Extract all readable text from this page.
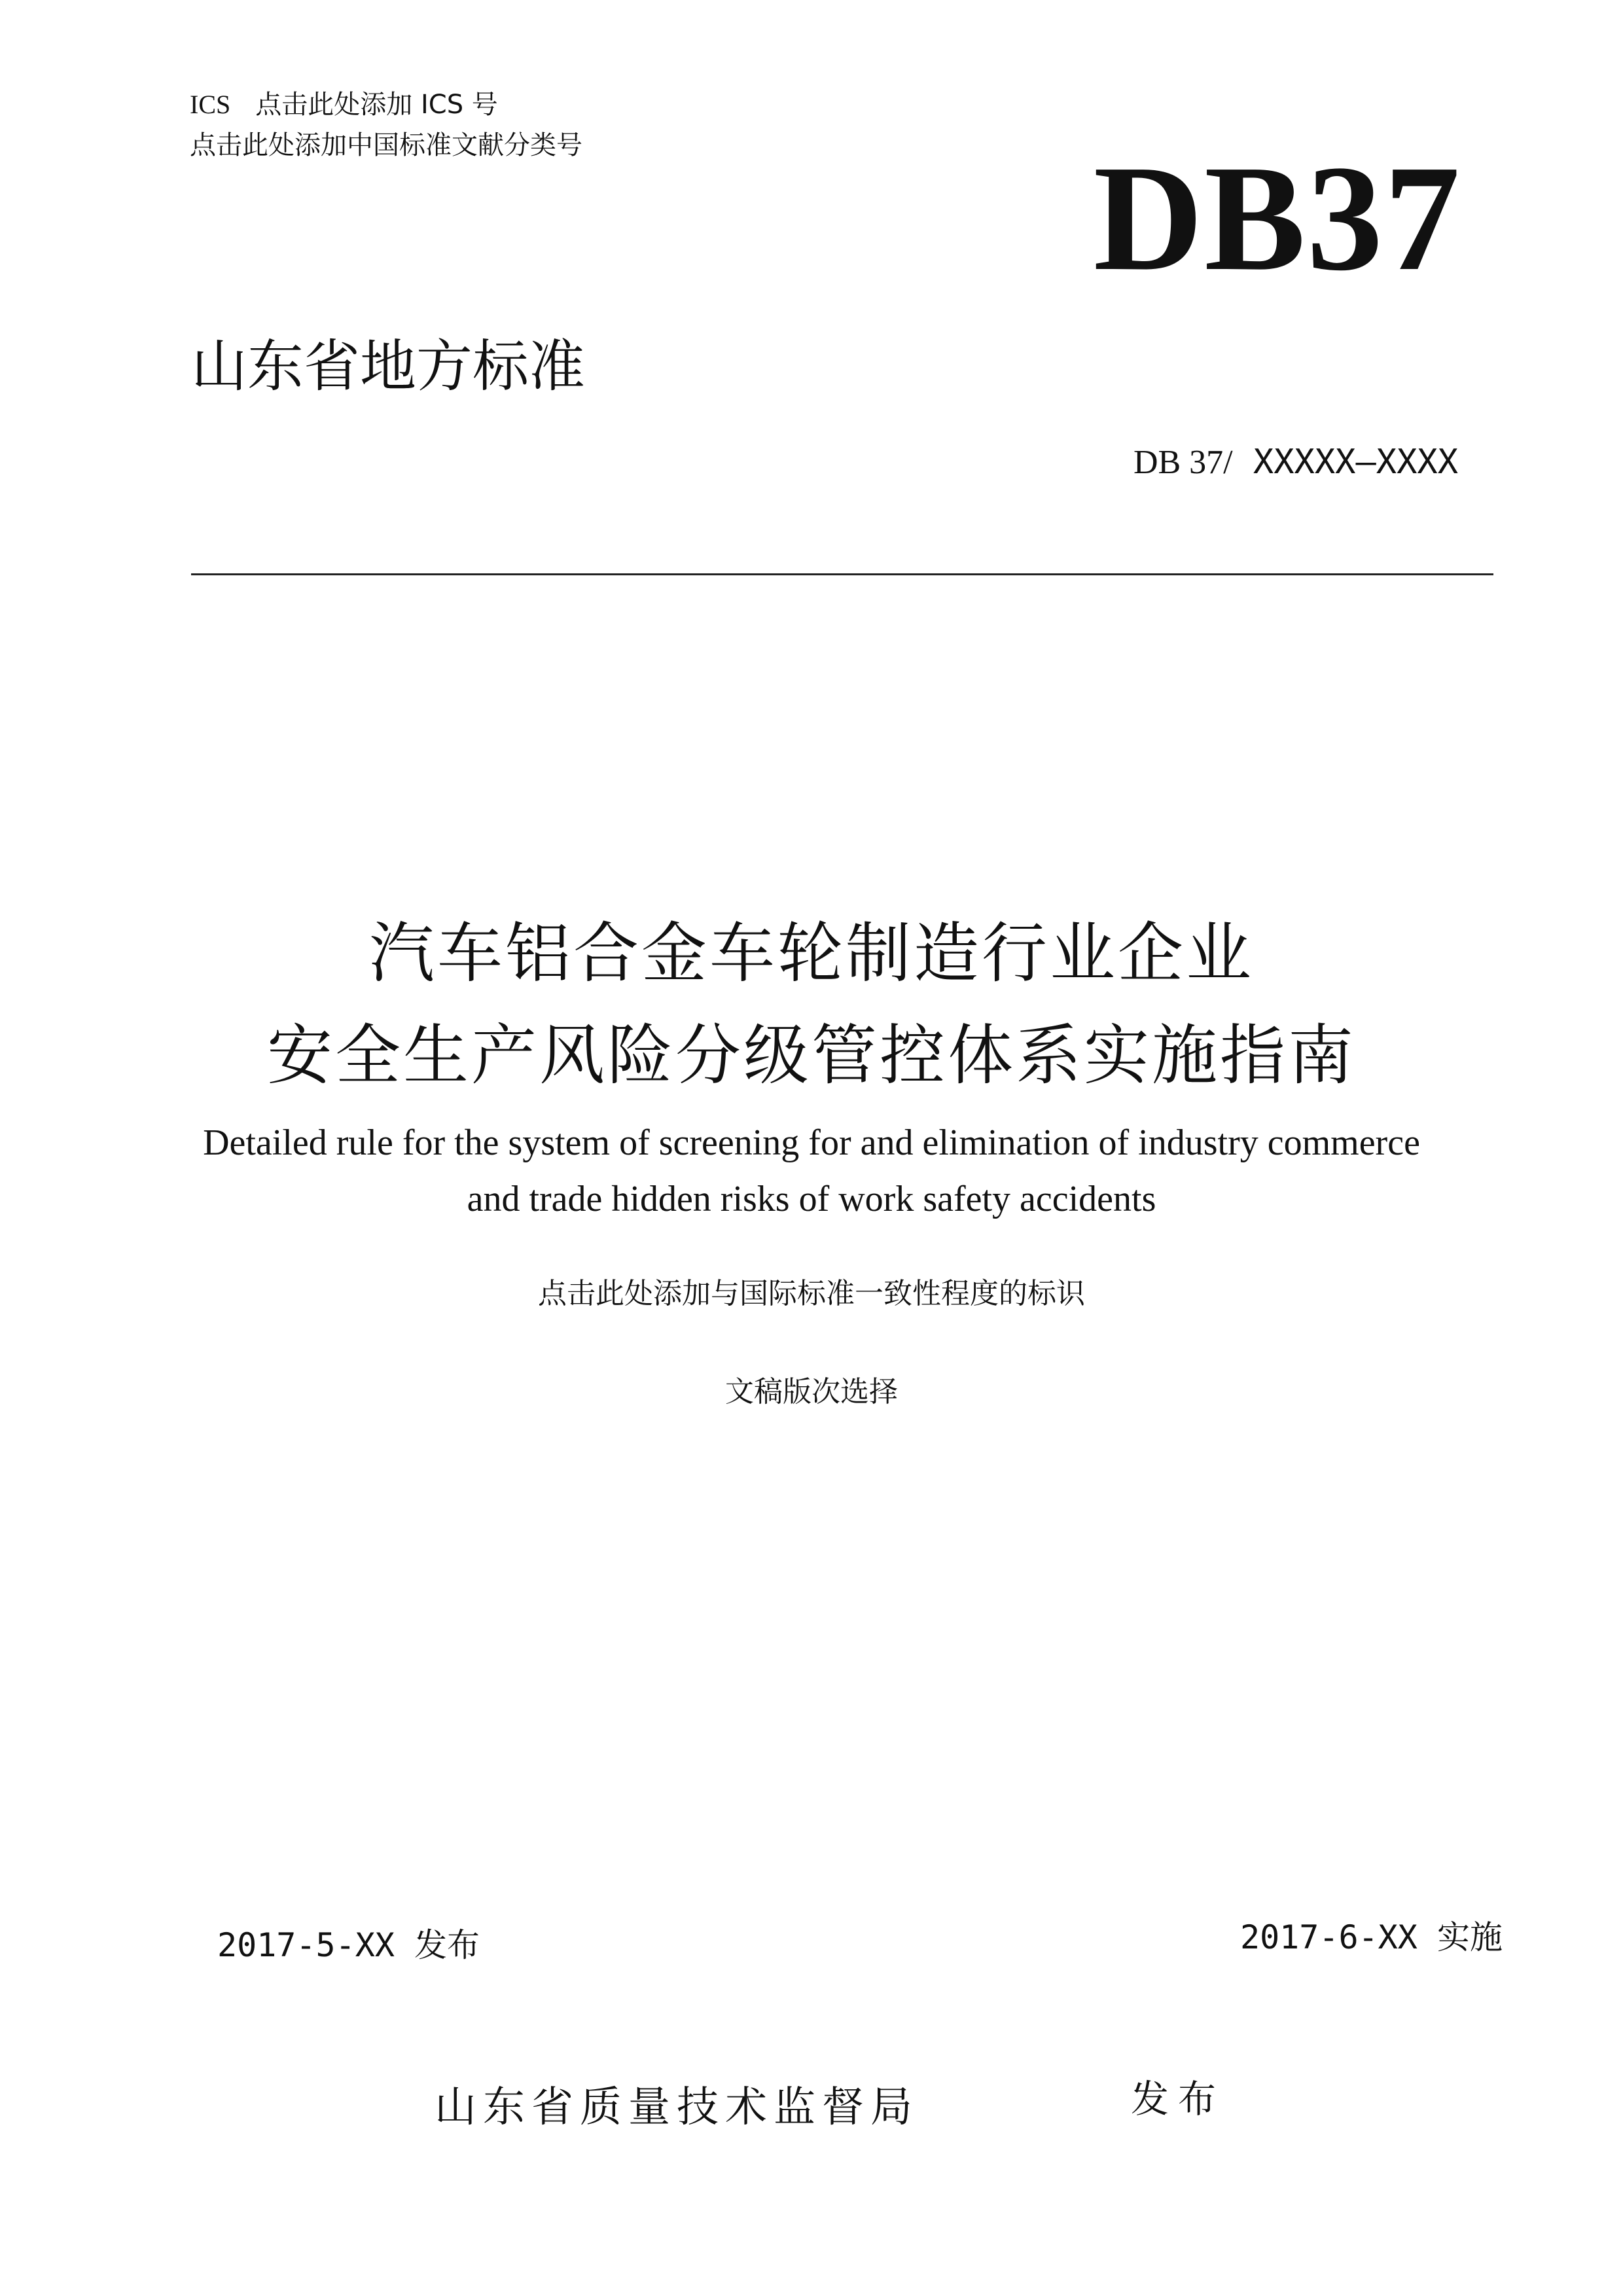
ICS 点击此处添加 ICS 号
点击此处添加中国标准文献分类号	DB37
山东省地方标准
DB 37/ XXXXX—XXXX
汽车铝合金车轮制造行业企业
安全生产风险分级管控体系实施指南
Detailed rule for the system of screening for and elimination of industry commerce
and trade hidden risks of work safety accidents
点击此处添加与国际标准一致性程度的标识
文稿版次选择
2017-5-XX 发布	2017-6-XX 实施
山东省质量技术监督局	发布
